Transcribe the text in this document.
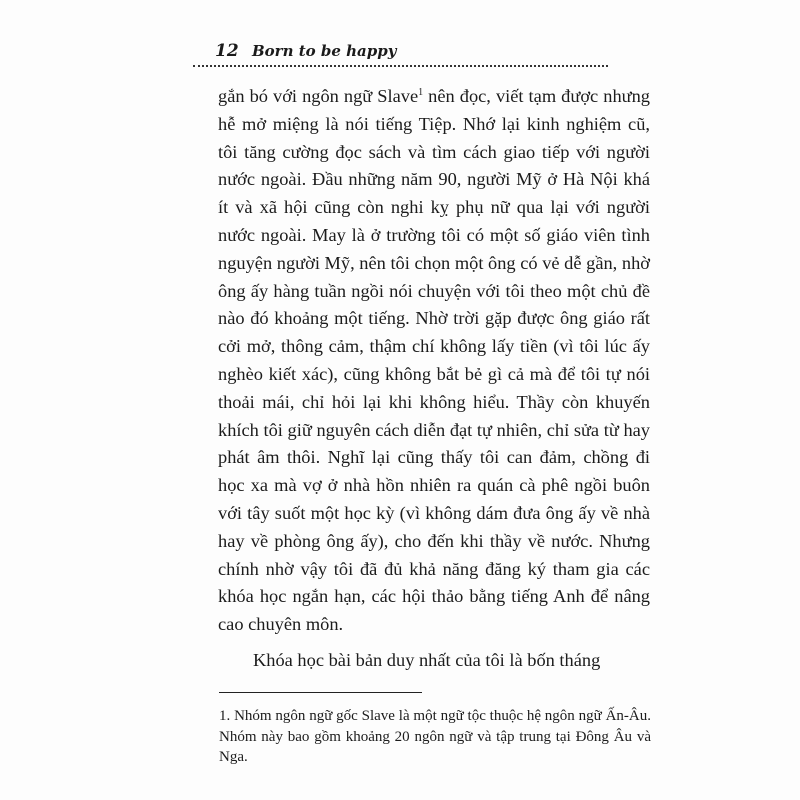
12 Born to be happy

gắn bó với ngôn ngữ Slave$^1$ nên đọc, viết tạm được nhưng hễ mở miệng là nói tiếng Tiệp. Nhớ lại kinh nghiệm cũ, tôi tăng cường đọc sách và tìm cách giao tiếp với người nước ngoài. Đầu những năm 90, người Mỹ ở Hà Nội khá ít và xã hội cũng còn nghi kỵ phụ nữ qua lại với người nước ngoài. May là ở trường tôi có một số giáo viên tình nguyện người Mỹ, nên tôi chọn một ông có vẻ dễ gần, nhờ ông ấy hàng tuần ngồi nói chuyện với tôi theo một chủ đề nào đó khoảng một tiếng. Nhờ trời gặp được ông giáo rất cởi mở, thông cảm, thậm chí không lấy tiền (vì tôi lúc ấy nghèo kiết xác), cũng không bắt bẻ gì cả mà để tôi tự nói thoải mái, chỉ hỏi lại khi không hiểu. Thầy còn khuyến khích tôi giữ nguyên cách diễn đạt tự nhiên, chỉ sửa từ hay phát âm thôi. Nghĩ lại cũng thấy tôi can đảm, chồng đi học xa mà vợ ở nhà hồn nhiên ra quán cà phê ngồi buôn với tây suốt một học kỳ (vì không dám đưa ông ấy về nhà hay về phòng ông ấy), cho đến khi thầy về nước. Nhưng chính nhờ vậy tôi đã đủ khả năng đăng ký tham gia các khóa học ngắn hạn, các hội thảo bằng tiếng Anh để nâng cao chuyên môn.

Khóa học bài bản duy nhất của tôi là bốn tháng

1. Nhóm ngôn ngữ gốc Slave là một ngữ tộc thuộc hệ ngôn ngữ Ấn-Âu. Nhóm này bao gồm khoảng 20 ngôn ngữ và tập trung tại Đông Âu và Nga.
